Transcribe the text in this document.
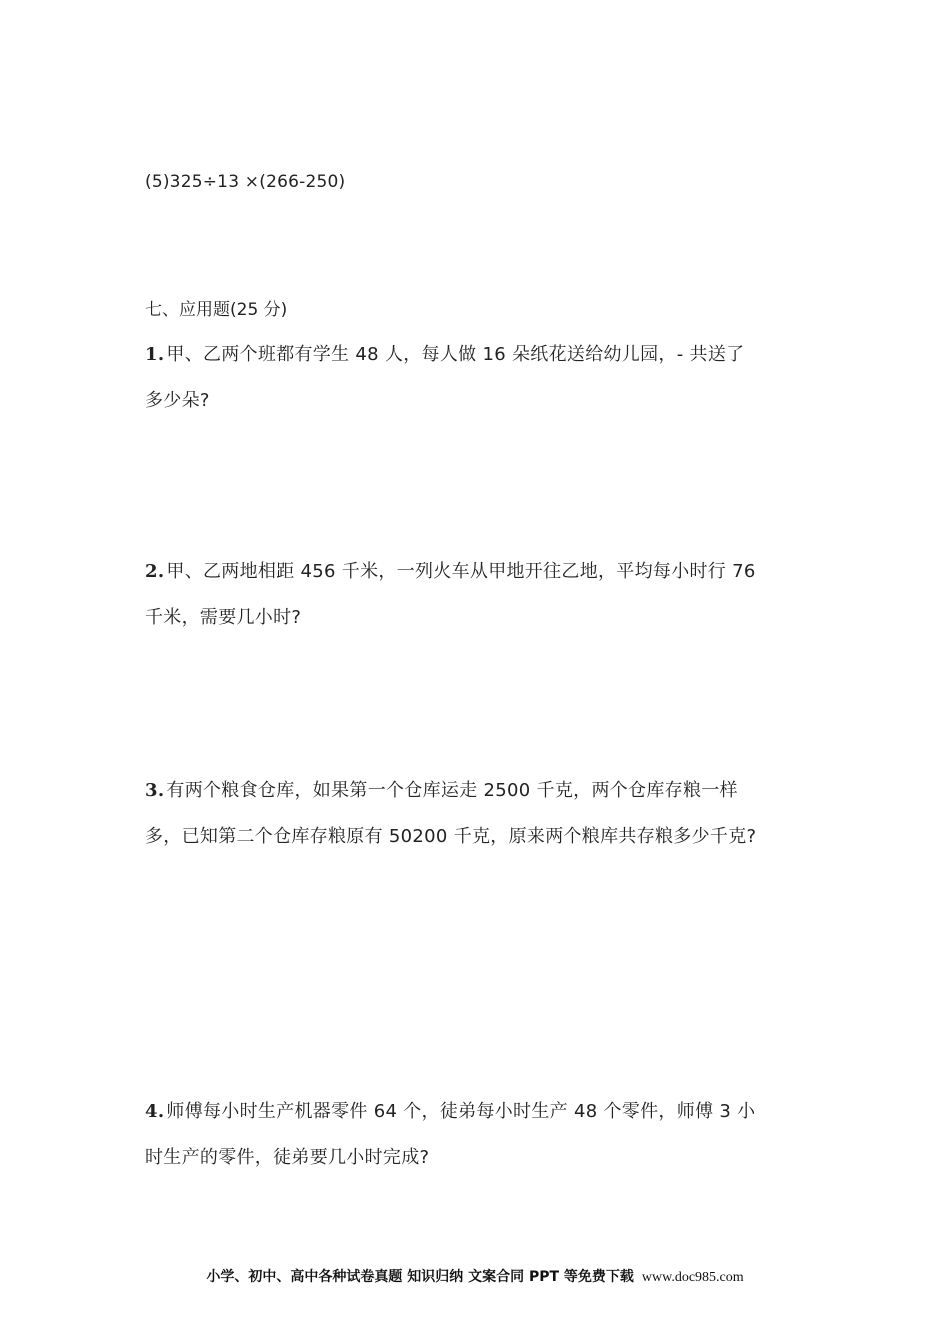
(5)325÷13 ×(266-250)
七、应用题(25 分)
1. 甲、乙两个班都有学生 48 人，每人做 16 朵纸花送给幼儿园，- 共送了
多少朵?
2. 甲、乙两地相距 456 千米，一列火车从甲地开往乙地，平均每小时行 76
千米，需要几小时?
3. 有两个粮食仓库，如果第一个仓库运走 2500 千克，两个仓库存粮一样
多，已知第二个仓库存粮原有 50200 千克，原来两个粮库共存粮多少千克?
4. 师傅每小时生产机器零件 64 个，徒弟每小时生产 48 个零件，师傅 3 小
时生产的零件，徒弟要几小时完成?
小学、初中、高中各种试卷真题 知识归纳 文案合同 PPT 等免费下载 www.doc985.com
